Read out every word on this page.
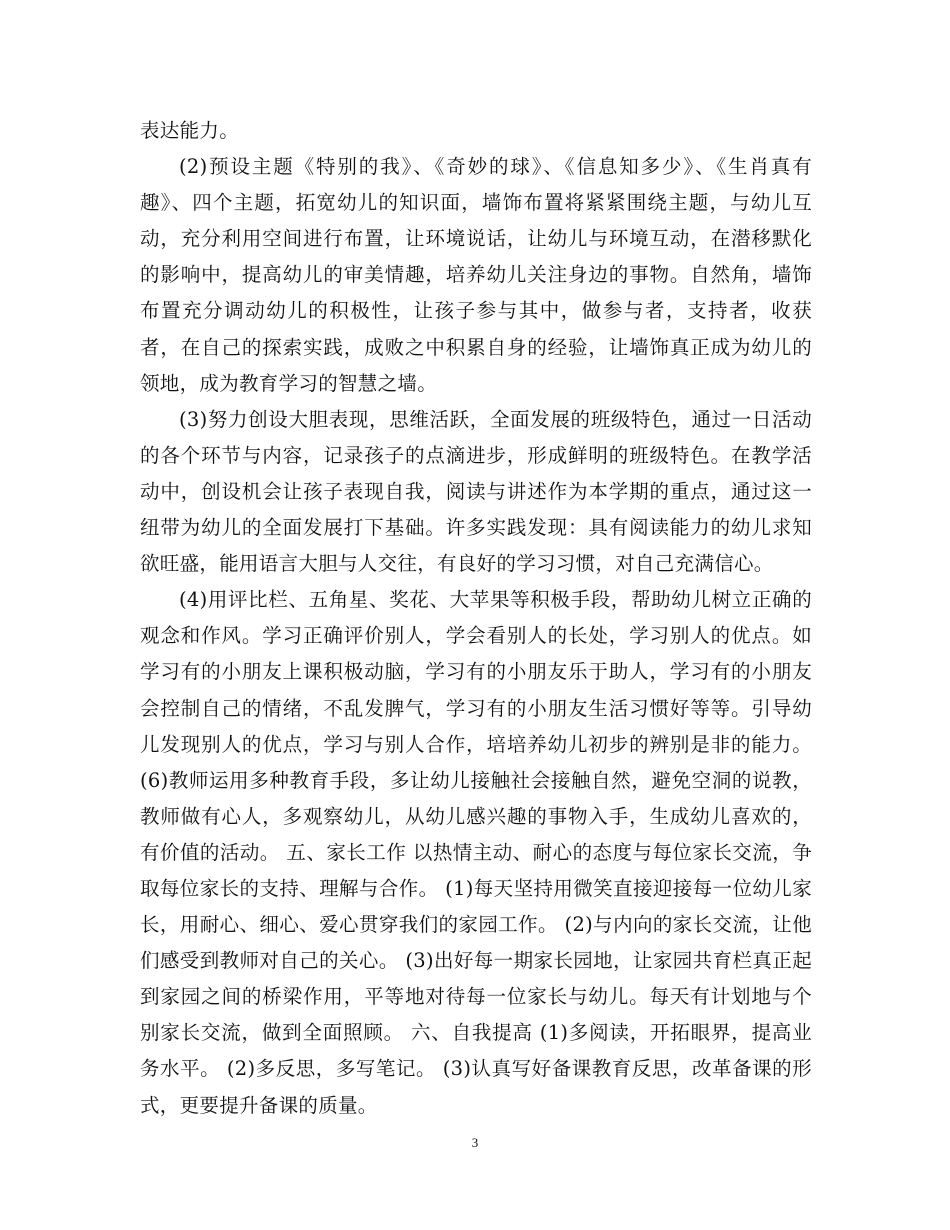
表达能力。

(2)预设主题《特别的我》、《奇妙的球》、《信息知多少》、《生肖真有趣》、四个主题，拓宽幼儿的知识面，墙饰布置将紧紧围绕主题，与幼儿互动，充分利用空间进行布置，让环境说话，让幼儿与环境互动，在潜移默化的影响中，提高幼儿的审美情趣，培养幼儿关注身边的事物。自然角，墙饰布置充分调动幼儿的积极性，让孩子参与其中，做参与者，支持者，收获者，在自己的探索实践，成败之中积累自身的经验，让墙饰真正成为幼儿的领地，成为教育学习的智慧之墙。

(3)努力创设大胆表现，思维活跃，全面发展的班级特色，通过一日活动的各个环节与内容，记录孩子的点滴进步，形成鲜明的班级特色。在教学活动中，创设机会让孩子表现自我，阅读与讲述作为本学期的重点，通过这一纽带为幼儿的全面发展打下基础。许多实践发现：具有阅读能力的幼儿求知欲旺盛，能用语言大胆与人交往，有良好的学习习惯，对自己充满信心。

(4)用评比栏、五角星、奖花、大苹果等积极手段，帮助幼儿树立正确的观念和作风。学习正确评价别人，学会看别人的长处，学习别人的优点。如学习有的小朋友上课积极动脑，学习有的小朋友乐于助人，学习有的小朋友会控制自己的情绪，不乱发脾气，学习有的小朋友生活习惯好等等。引导幼儿发现别人的优点，学习与别人合作，培培养幼儿初步的辨别是非的能力。 (6)教师运用多种教育手段，多让幼儿接触社会接触自然，避免空洞的说教，教师做有心人，多观察幼儿，从幼儿感兴趣的事物入手，生成幼儿喜欢的，有价值的活动。 五、家长工作 以热情主动、耐心的态度与每位家长交流，争取每位家长的支持、理解与合作。 (1)每天坚持用微笑直接迎接每一位幼儿家长，用耐心、细心、爱心贯穿我们的家园工作。 (2)与内向的家长交流，让他们感受到教师对自己的关心。 (3)出好每一期家长园地，让家园共育栏真正起到家园之间的桥梁作用，平等地对待每一位家长与幼儿。每天有计划地与个别家长交流，做到全面照顾。 六、自我提高 (1)多阅读，开拓眼界，提高业务水平。 (2)多反思，多写笔记。 (3)认真写好备课教育反思，改革备课的形式，更要提升备课的质量。

3
